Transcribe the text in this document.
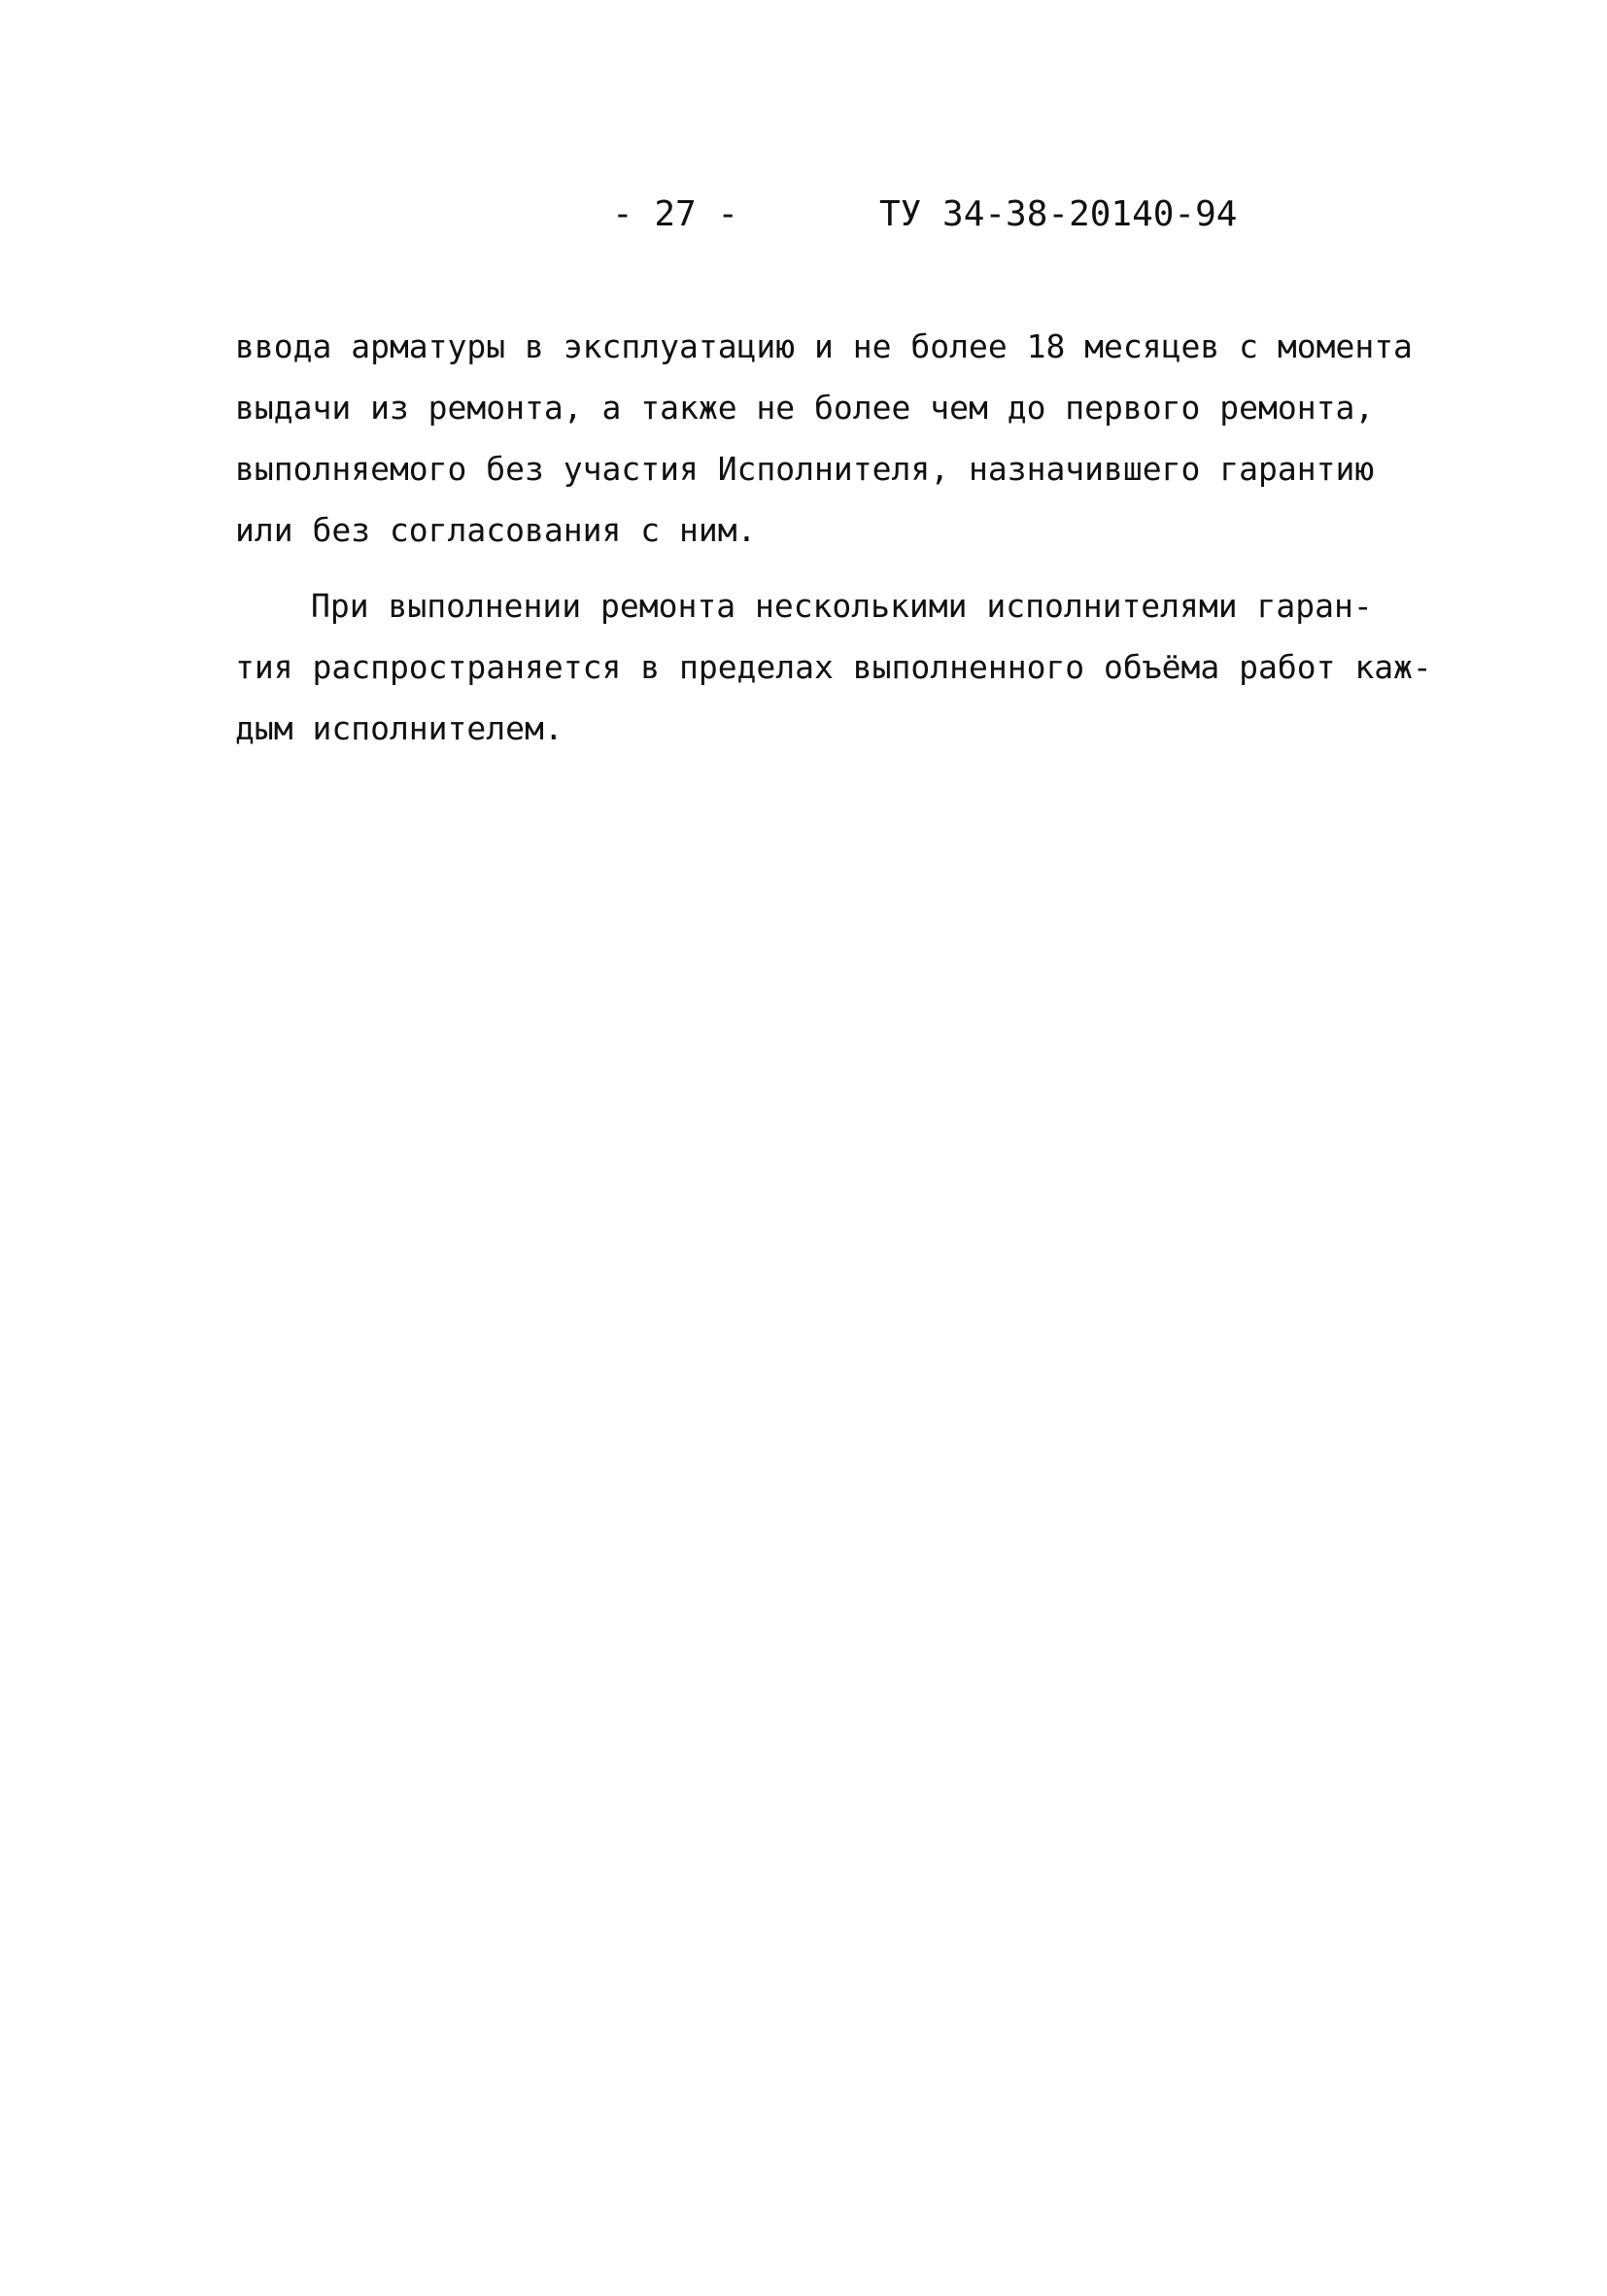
- 27 -	ТУ 34-38-20140-94
ввода арматуры в эксплуатацию и не более 18 месяцев с момента
выдачи из ремонта, а также не более чем до первого ремонта,
выполняемого без участия Исполнителя, назначившего гарантию
или без согласования с ним.
При выполнении ремонта несколькими исполнителями гаран-
тия распространяется в пределах выполненного объёма работ каж-
дым исполнителем.
